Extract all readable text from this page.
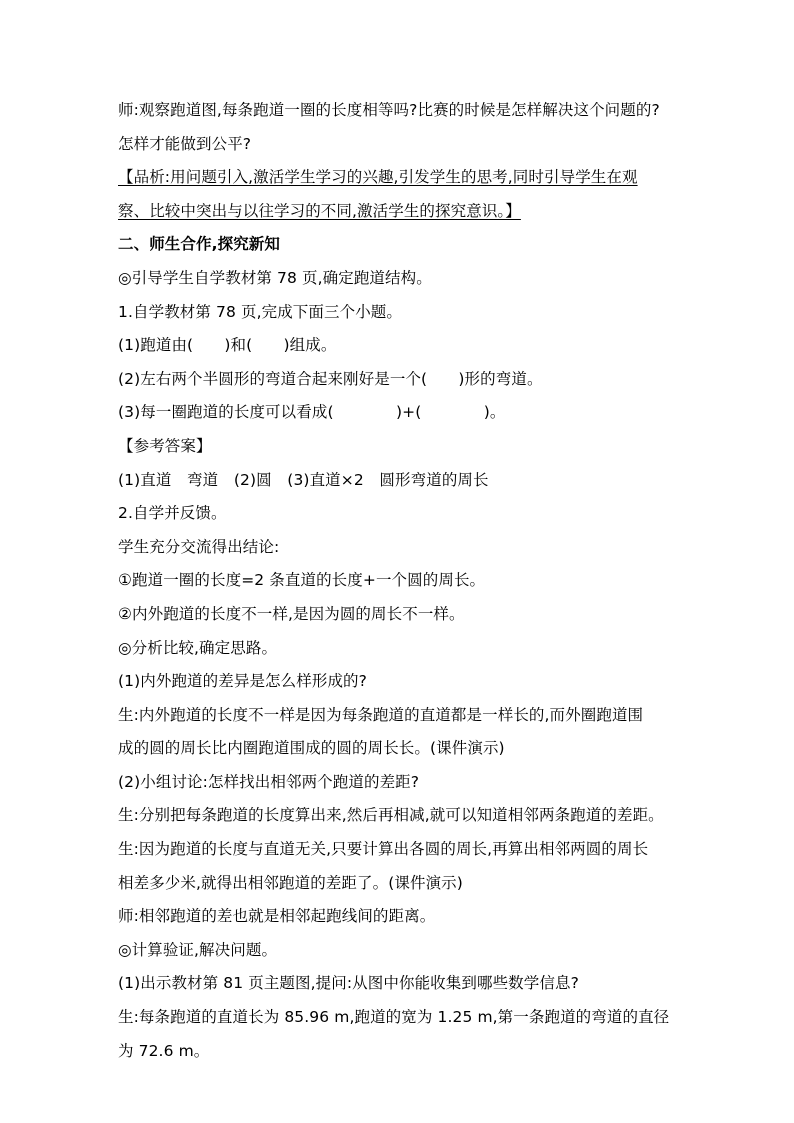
师:观察跑道图,每条跑道一圈的长度相等吗?比赛的时候是怎样解决这个问题的?

怎样才能做到公平?

【品析:用问题引入,激活学生学习的兴趣,引发学生的思考,同时引导学生在观

察、比较中突出与以往学习的不同,激活学生的探究意识。】

二、师生合作,探究新知

◎引导学生自学教材第 78 页,确定跑道结构。

1.自学教材第 78 页,完成下面三个小题。

(1)跑道由(　　)和(　　)组成。

(2)左右两个半圆形的弯道合起来刚好是一个(　　)形的弯道。

(3)每一圈跑道的长度可以看成(　　　　)+(　　　　)。

【参考答案】

(1)直道　弯道　(2)圆　(3)直道×2　圆形弯道的周长

2.自学并反馈。

学生充分交流得出结论:

①跑道一圈的长度=2 条直道的长度+一个圆的周长。

②内外跑道的长度不一样,是因为圆的周长不一样。

◎分析比较,确定思路。

(1)内外跑道的差异是怎么样形成的?

生:内外跑道的长度不一样是因为每条跑道的直道都是一样长的,而外圈跑道围

成的圆的周长比内圈跑道围成的圆的周长长。(课件演示)

(2)小组讨论:怎样找出相邻两个跑道的差距?

生:分别把每条跑道的长度算出来,然后再相减,就可以知道相邻两条跑道的差距。

生:因为跑道的长度与直道无关,只要计算出各圆的周长,再算出相邻两圆的周长

相差多少米,就得出相邻跑道的差距了。(课件演示)

师:相邻跑道的差也就是相邻起跑线间的距离。

◎计算验证,解决问题。

(1)出示教材第 81 页主题图,提问:从图中你能收集到哪些数学信息?

生:每条跑道的直道长为 85.96 m,跑道的宽为 1.25 m,第一条跑道的弯道的直径

为 72.6 m。
